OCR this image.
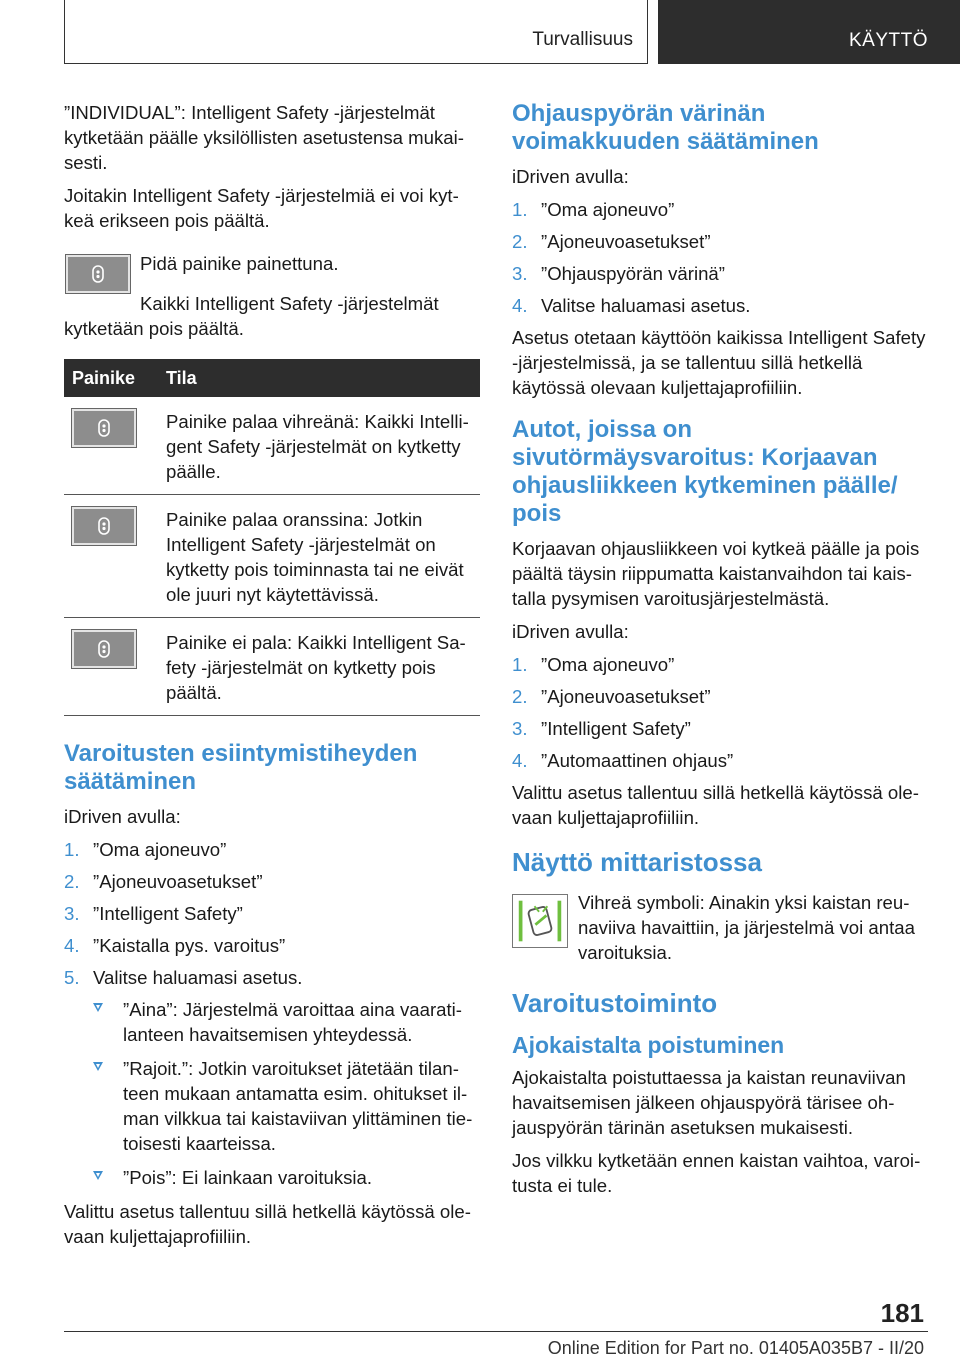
Turvallisuus	KÄYTTÖ

”INDIVIDUAL”: Intelligent Safety -järjestelmät kytketään päälle yksilöllisten asetustensa mukaisesti.

Joitakin Intelligent Safety -järjestelmiä ei voi kytkeä erikseen pois päältä.

Pidä painike painettuna.

Kaikki Intelligent Safety -järjestelmät kytketään pois päältä.

Painike	Tila

	Painike palaa vihreänä: Kaikki Intelligent Safety -järjestelmät on kytketty päälle.

	Painike palaa oranssina: Jotkin Intelligent Safety -järjestelmät on kytketty pois toiminnasta tai ne eivät ole juuri nyt käytettävissä.

	Painike ei pala: Kaikki Intelligent Safety -järjestelmät on kytketty pois päältä.
Varoitusten esiintymistiheyden säätäminen

iDriven avulla:

1. ”Oma ajoneuvo”
2. ”Ajoneuvoasetukset”
3. ”Intelligent Safety”
4. ”Kaistalla pys. varoitus”
5. Valitse haluamasi asetus.
”Aina”: Järjestelmä varoittaa aina vaaratilanteen havaitsemisen yhteydessä.
”Rajoit.”: Jotkin varoitukset jätetään tilanteen mukaan antamatta esim. ohitukset ilman vilkkua tai kaistaviivan ylittäminen tietoisesti kaarteissa.
”Pois”: Ei lainkaan varoituksia.

Valittu asetus tallentuu sillä hetkellä käytössä olevaan kuljettajaprofiiliin.

Ohjauspyörän värinän voimakkuuden säätäminen

iDriven avulla:

1. ”Oma ajoneuvo”
2. ”Ajoneuvoasetukset”
3. ”Ohjauspyörän värinä”
4. Valitse haluamasi asetus.

Asetus otetaan käyttöön kaikissa Intelligent Safety -järjestelmissä, ja se tallentuu sillä hetkellä käytössä olevaan kuljettajaprofiiliin.

Autot, joissa on sivutörmäysvaroitus: Korjaavan ohjausliikkeen kytkeminen päälle/ pois

Korjaavan ohjausliikkeen voi kytkeä päälle ja pois päältä täysin riippumatta kaistanvaihdon tai kaistalla pysymisen varoitusjärjestelmästä.

iDriven avulla:

1. ”Oma ajoneuvo”
2. ”Ajoneuvoasetukset”
3. ”Intelligent Safety”
4. ”Automaattinen ohjaus”

Valittu asetus tallentuu sillä hetkellä käytössä olevaan kuljettajaprofiiliin.

Näyttö mittaristossa

Vihreä symboli: Ainakin yksi kaistan reunaviiva havaittiin, ja järjestelmä voi antaa varoituksia.

Varoitustoiminto
Ajokaistalta poistuminen

Ajokaistalta poistuttaessa ja kaistan reunaviivan havaitsemisen jälkeen ohjauspyörä tärisee ohjauspyörän tärinän asetuksen mukaisesti.

Jos vilkku kytketään ennen kaistan vaihtoa, varoitusta ei tule.

181
Online Edition for Part no. 01405A035B7 - II/20
